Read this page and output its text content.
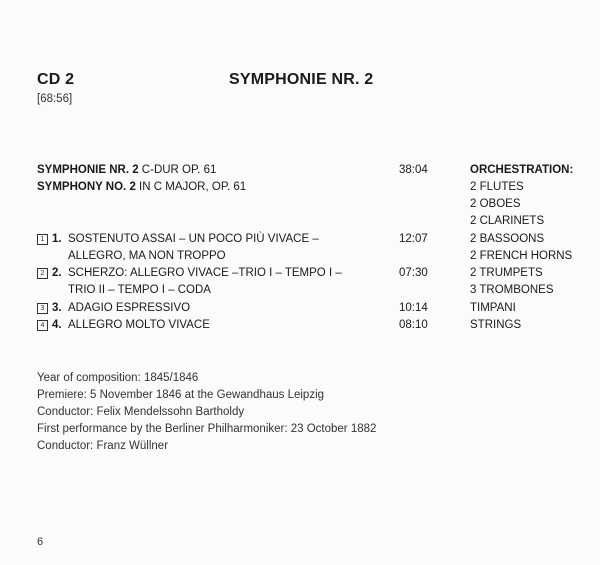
CD 2
[68:56]
SYMPHONIE NR. 2
SYMPHONIE NR. 2 C-DUR OP. 61
SYMPHONY NO. 2 IN C MAJOR, OP. 61
38:04
1 1. SOSTENUTO ASSAI – UN POCO PIÙ VIVACE –
ALLEGRO, MA NON TROPPO
12:07
2 2. SCHERZO: ALLEGRO VIVACE –TRIO I – TEMPO I –
TRIO II – TEMPO I – CODA
07:30
3 3. ADAGIO ESPRESSIVO	10:14
4 4. ALLEGRO MOLTO VIVACE	08:10
ORCHESTRATION:
2 FLUTES
2 OBOES
2 CLARINETS
2 BASSOONS
2 FRENCH HORNS
2 TRUMPETS
3 TROMBONES
TIMPANI
STRINGS
Year of composition: 1845/1846
Premiere: 5 November 1846 at the Gewandhaus Leipzig
Conductor: Felix Mendelssohn Bartholdy
First performance by the Berliner Philharmoniker: 23 October 1882
Conductor: Franz Wüllner
6
